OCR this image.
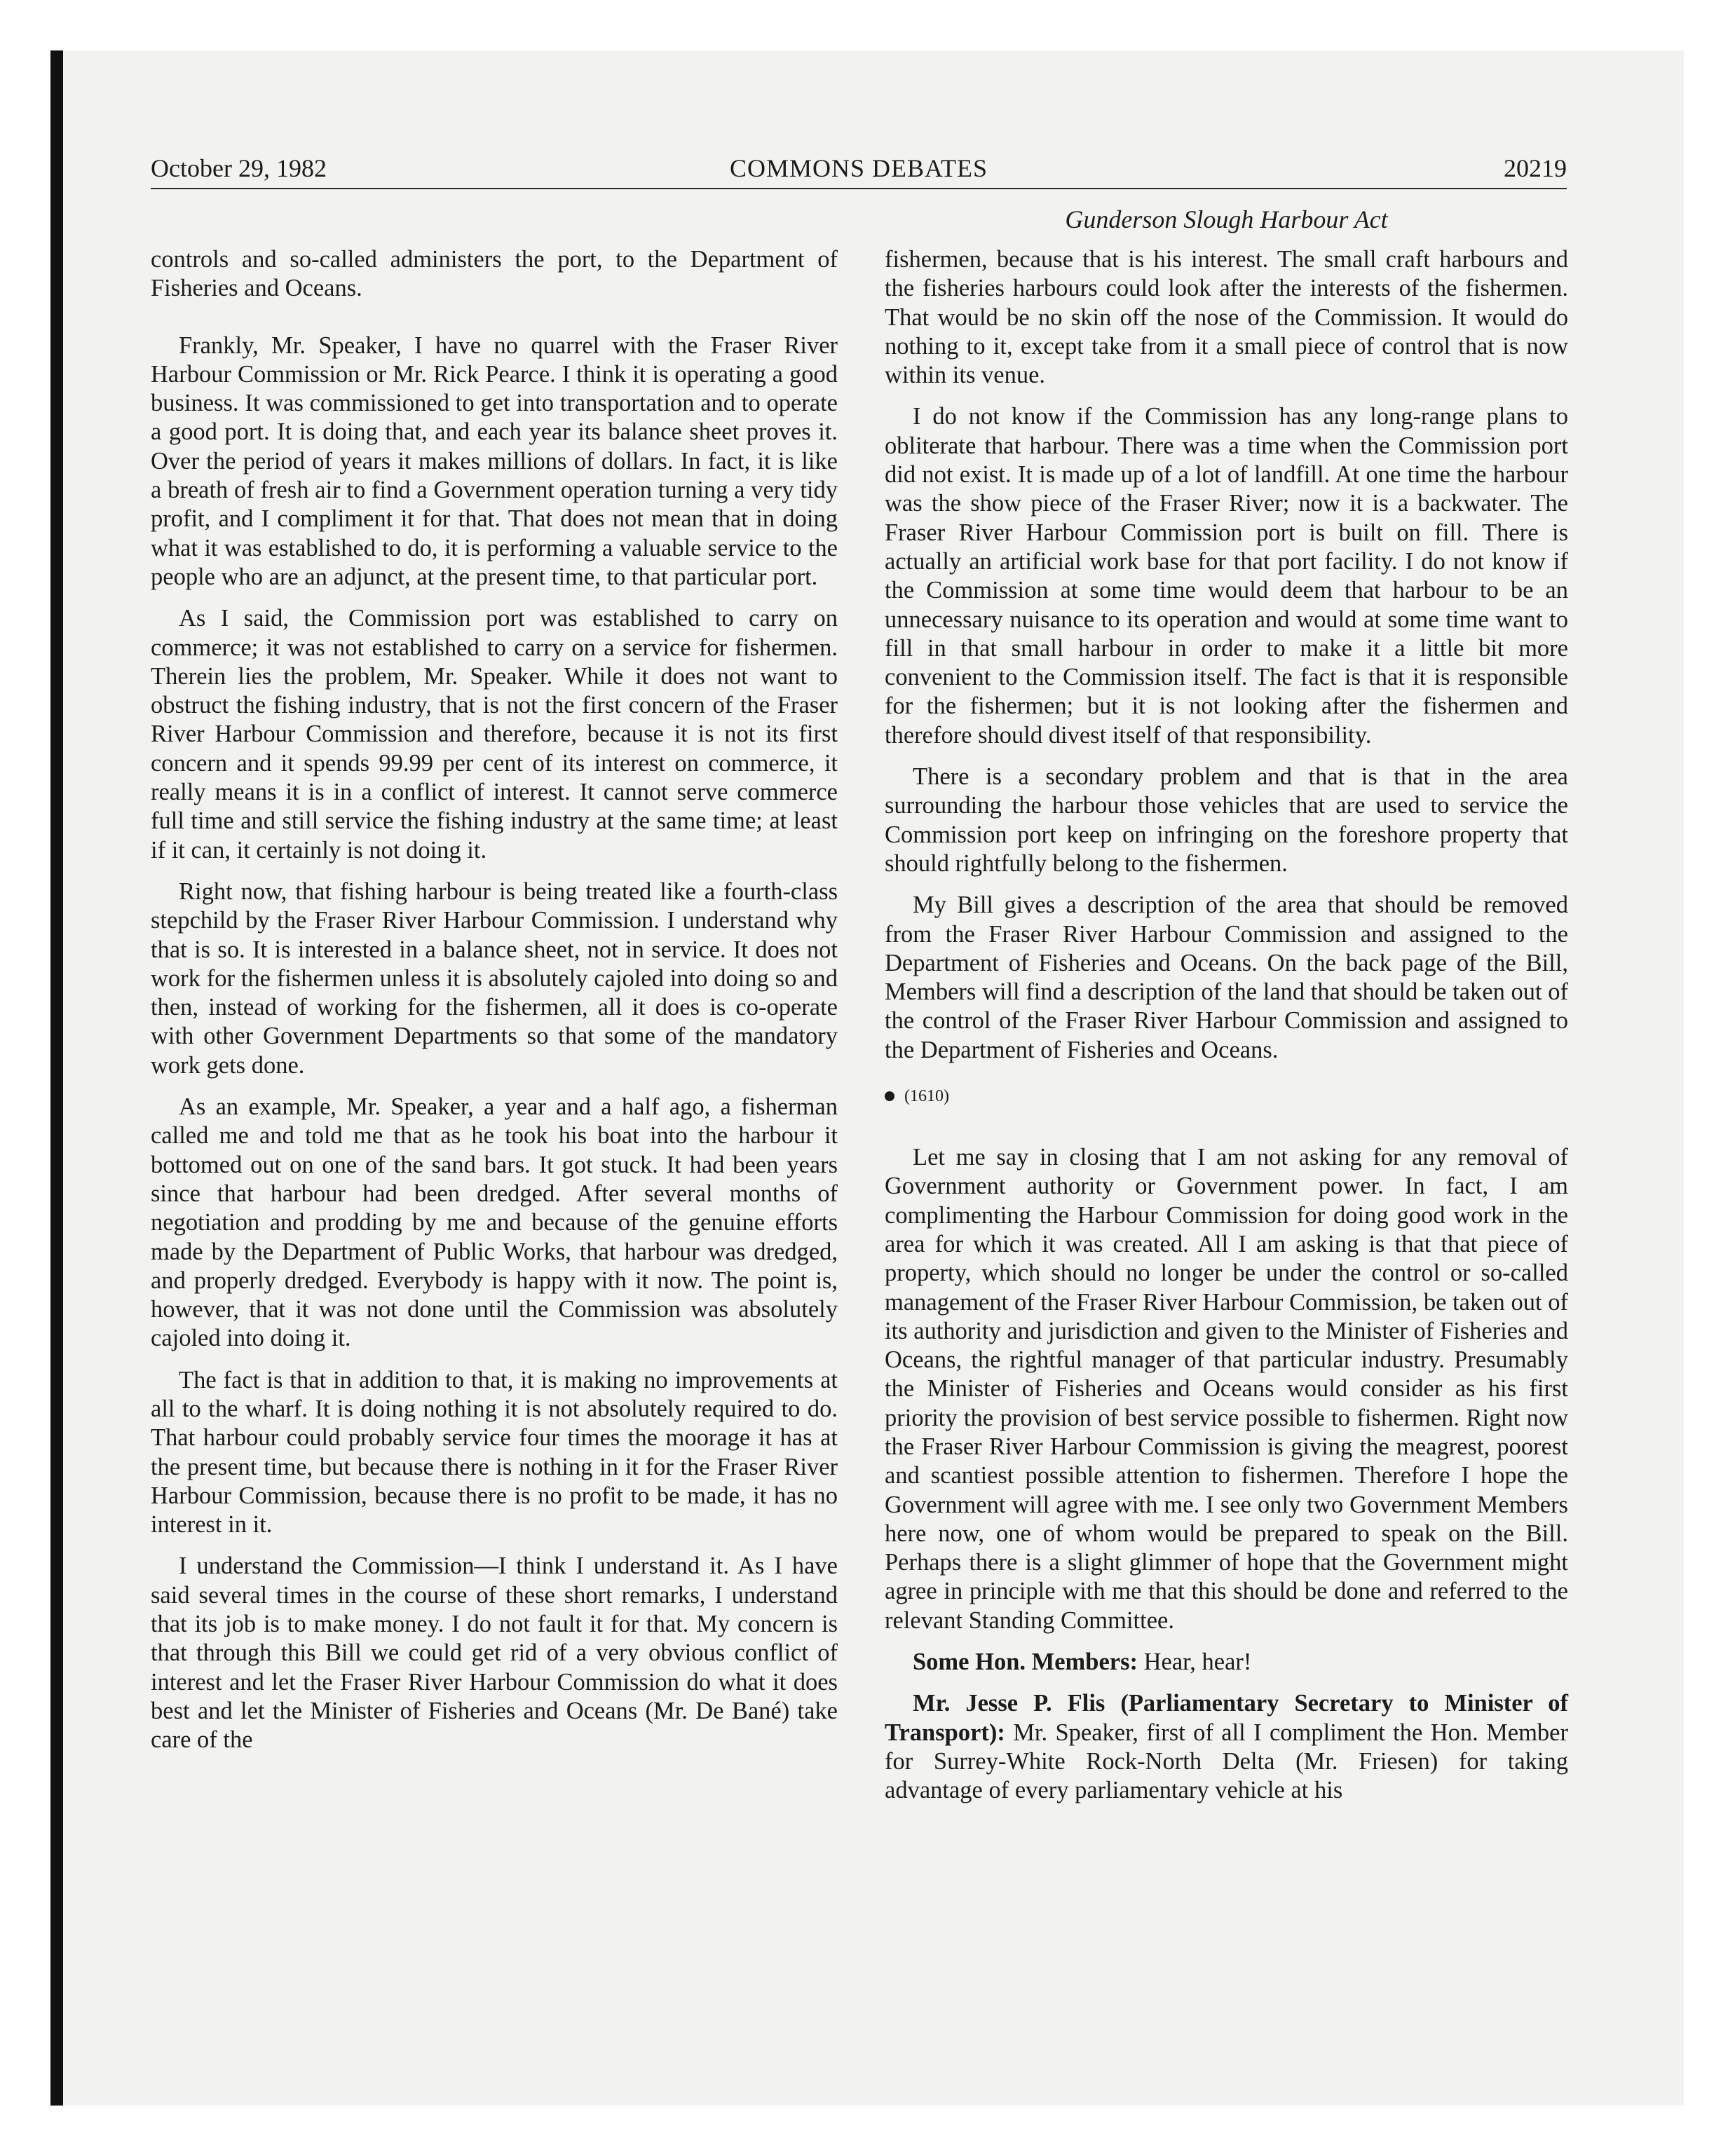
October 29, 1982	COMMONS DEBATES	20219
Gunderson Slough Harbour Act

controls and so-called administers the port, to the Department of Fisheries and Oceans.

Frankly, Mr. Speaker, I have no quarrel with the Fraser River Harbour Commission or Mr. Rick Pearce. I think it is operating a good business. It was commissioned to get into transportation and to operate a good port. It is doing that, and each year its balance sheet proves it. Over the period of years it makes millions of dollars. In fact, it is like a breath of fresh air to find a Government operation turning a very tidy profit, and I compliment it for that. That does not mean that in doing what it was established to do, it is performing a valuable service to the people who are an adjunct, at the present time, to that particular port.

As I said, the Commission port was established to carry on commerce; it was not established to carry on a service for fishermen. Therein lies the problem, Mr. Speaker. While it does not want to obstruct the fishing industry, that is not the first concern of the Fraser River Harbour Commission and therefore, because it is not its first concern and it spends 99.99 per cent of its interest on commerce, it really means it is in a conflict of interest. It cannot serve commerce full time and still service the fishing industry at the same time; at least if it can, it certainly is not doing it.

Right now, that fishing harbour is being treated like a fourth-class stepchild by the Fraser River Harbour Commission. I understand why that is so. It is interested in a balance sheet, not in service. It does not work for the fishermen unless it is absolutely cajoled into doing so and then, instead of working for the fishermen, all it does is co-operate with other Government Departments so that some of the mandatory work gets done.

As an example, Mr. Speaker, a year and a half ago, a fisherman called me and told me that as he took his boat into the harbour it bottomed out on one of the sand bars. It got stuck. It had been years since that harbour had been dredged. After several months of negotiation and prodding by me and because of the genuine efforts made by the Department of Public Works, that harbour was dredged, and properly dredged. Everybody is happy with it now. The point is, however, that it was not done until the Commission was absolutely cajoled into doing it.

The fact is that in addition to that, it is making no improvements at all to the wharf. It is doing nothing it is not absolutely required to do. That harbour could probably service four times the moorage it has at the present time, but because there is nothing in it for the Fraser River Harbour Commission, because there is no profit to be made, it has no interest in it.

I understand the Commission—I think I understand it. As I have said several times in the course of these short remarks, I understand that its job is to make money. I do not fault it for that. My concern is that through this Bill we could get rid of a very obvious conflict of interest and let the Fraser River Harbour Commission do what it does best and let the Minister of Fisheries and Oceans (Mr. De Bané) take care of the

fishermen, because that is his interest. The small craft harbours and the fisheries harbours could look after the interests of the fishermen. That would be no skin off the nose of the Commission. It would do nothing to it, except take from it a small piece of control that is now within its venue.

I do not know if the Commission has any long-range plans to obliterate that harbour. There was a time when the Commission port did not exist. It is made up of a lot of landfill. At one time the harbour was the show piece of the Fraser River; now it is a backwater. The Fraser River Harbour Commission port is built on fill. There is actually an artificial work base for that port facility. I do not know if the Commission at some time would deem that harbour to be an unnecessary nuisance to its operation and would at some time want to fill in that small harbour in order to make it a little bit more convenient to the Commission itself. The fact is that it is responsible for the fishermen; but it is not looking after the fishermen and therefore should divest itself of that responsibility.

There is a secondary problem and that is that in the area surrounding the harbour those vehicles that are used to service the Commission port keep on infringing on the foreshore property that should rightfully belong to the fishermen.

My Bill gives a description of the area that should be removed from the Fraser River Harbour Commission and assigned to the Department of Fisheries and Oceans. On the back page of the Bill, Members will find a description of the land that should be taken out of the control of the Fraser River Harbour Commission and assigned to the Department of Fisheries and Oceans.

(1610)

Let me say in closing that I am not asking for any removal of Government authority or Government power. In fact, I am complimenting the Harbour Commission for doing good work in the area for which it was created. All I am asking is that that piece of property, which should no longer be under the control or so-called management of the Fraser River Harbour Commission, be taken out of its authority and jurisdiction and given to the Minister of Fisheries and Oceans, the rightful manager of that particular industry. Presumably the Minister of Fisheries and Oceans would consider as his first priority the provision of best service possible to fishermen. Right now the Fraser River Harbour Commission is giving the meagrest, poorest and scantiest possible attention to fishermen. Therefore I hope the Government will agree with me. I see only two Government Members here now, one of whom would be prepared to speak on the Bill. Perhaps there is a slight glimmer of hope that the Government might agree in principle with me that this should be done and referred to the relevant Standing Committee.

Some Hon. Members: Hear, hear!

Mr. Jesse P. Flis (Parliamentary Secretary to Minister of Transport): Mr. Speaker, first of all I compliment the Hon. Member for Surrey-White Rock-North Delta (Mr. Friesen) for taking advantage of every parliamentary vehicle at his
